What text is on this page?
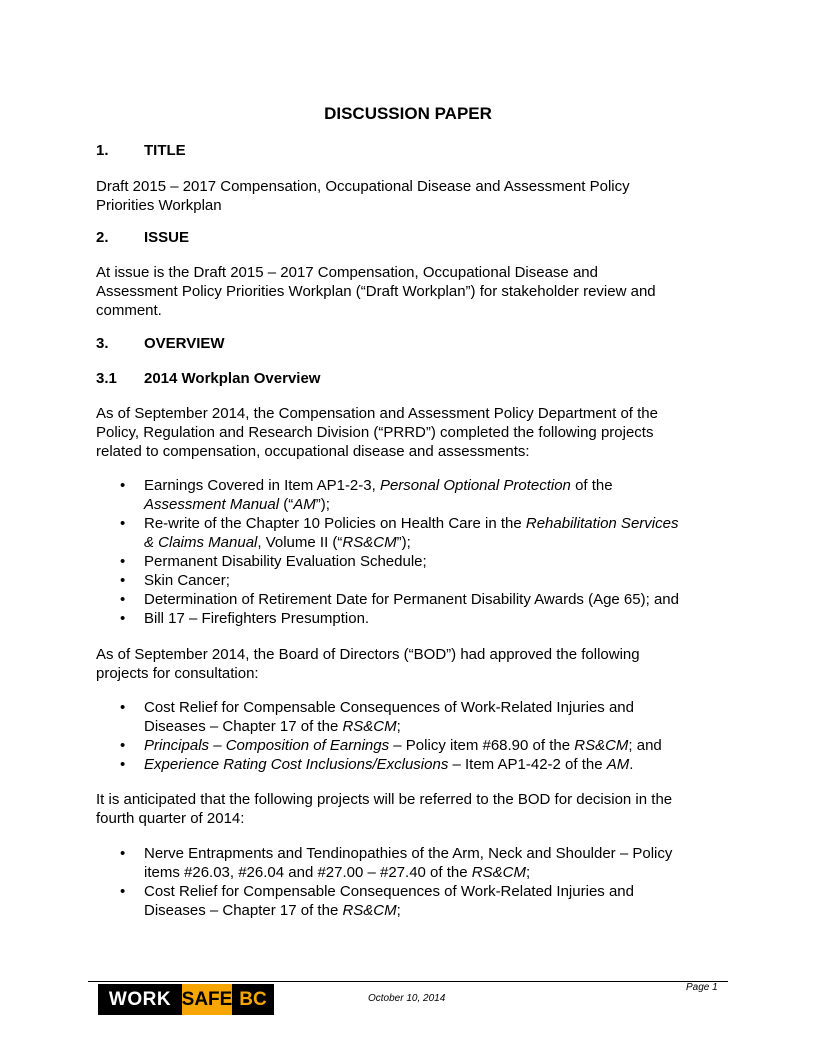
DISCUSSION PAPER
1. TITLE
Draft 2015 – 2017 Compensation, Occupational Disease and Assessment Policy
Priorities Workplan
2. ISSUE
At issue is the Draft 2015 – 2017 Compensation, Occupational Disease and
Assessment Policy Priorities Workplan (“Draft Workplan”) for stakeholder review and
comment.
3. OVERVIEW
3.1 2014 Workplan Overview
As of September 2014, the Compensation and Assessment Policy Department of the
Policy, Regulation and Research Division (“PRRD”) completed the following projects
related to compensation, occupational disease and assessments:
• Earnings Covered in Item AP1-2-3, Personal Optional Protection of the
Assessment Manual (“AM”);
• Re-write of the Chapter 10 Policies on Health Care in the Rehabilitation Services
& Claims Manual, Volume II (“RS&CM”);
• Permanent Disability Evaluation Schedule;
• Skin Cancer;
• Determination of Retirement Date for Permanent Disability Awards (Age 65); and
• Bill 17 – Firefighters Presumption.
As of September 2014, the Board of Directors (“BOD”) had approved the following
projects for consultation:
• Cost Relief for Compensable Consequences of Work-Related Injuries and
Diseases – Chapter 17 of the RS&CM;
• Principals – Composition of Earnings – Policy item #68.90 of the RS&CM; and
• Experience Rating Cost Inclusions/Exclusions – Item AP1-42-2 of the AM.
It is anticipated that the following projects will be referred to the BOD for decision in the
fourth quarter of 2014:
• Nerve Entrapments and Tendinopathies of the Arm, Neck and Shoulder – Policy
items #26.03, #26.04 and #27.00 – #27.40 of the RS&CM;
• Cost Relief for Compensable Consequences of Work-Related Injuries and
Diseases – Chapter 17 of the RS&CM;
Page 1
October 10, 2014
WORK SAFE BC
